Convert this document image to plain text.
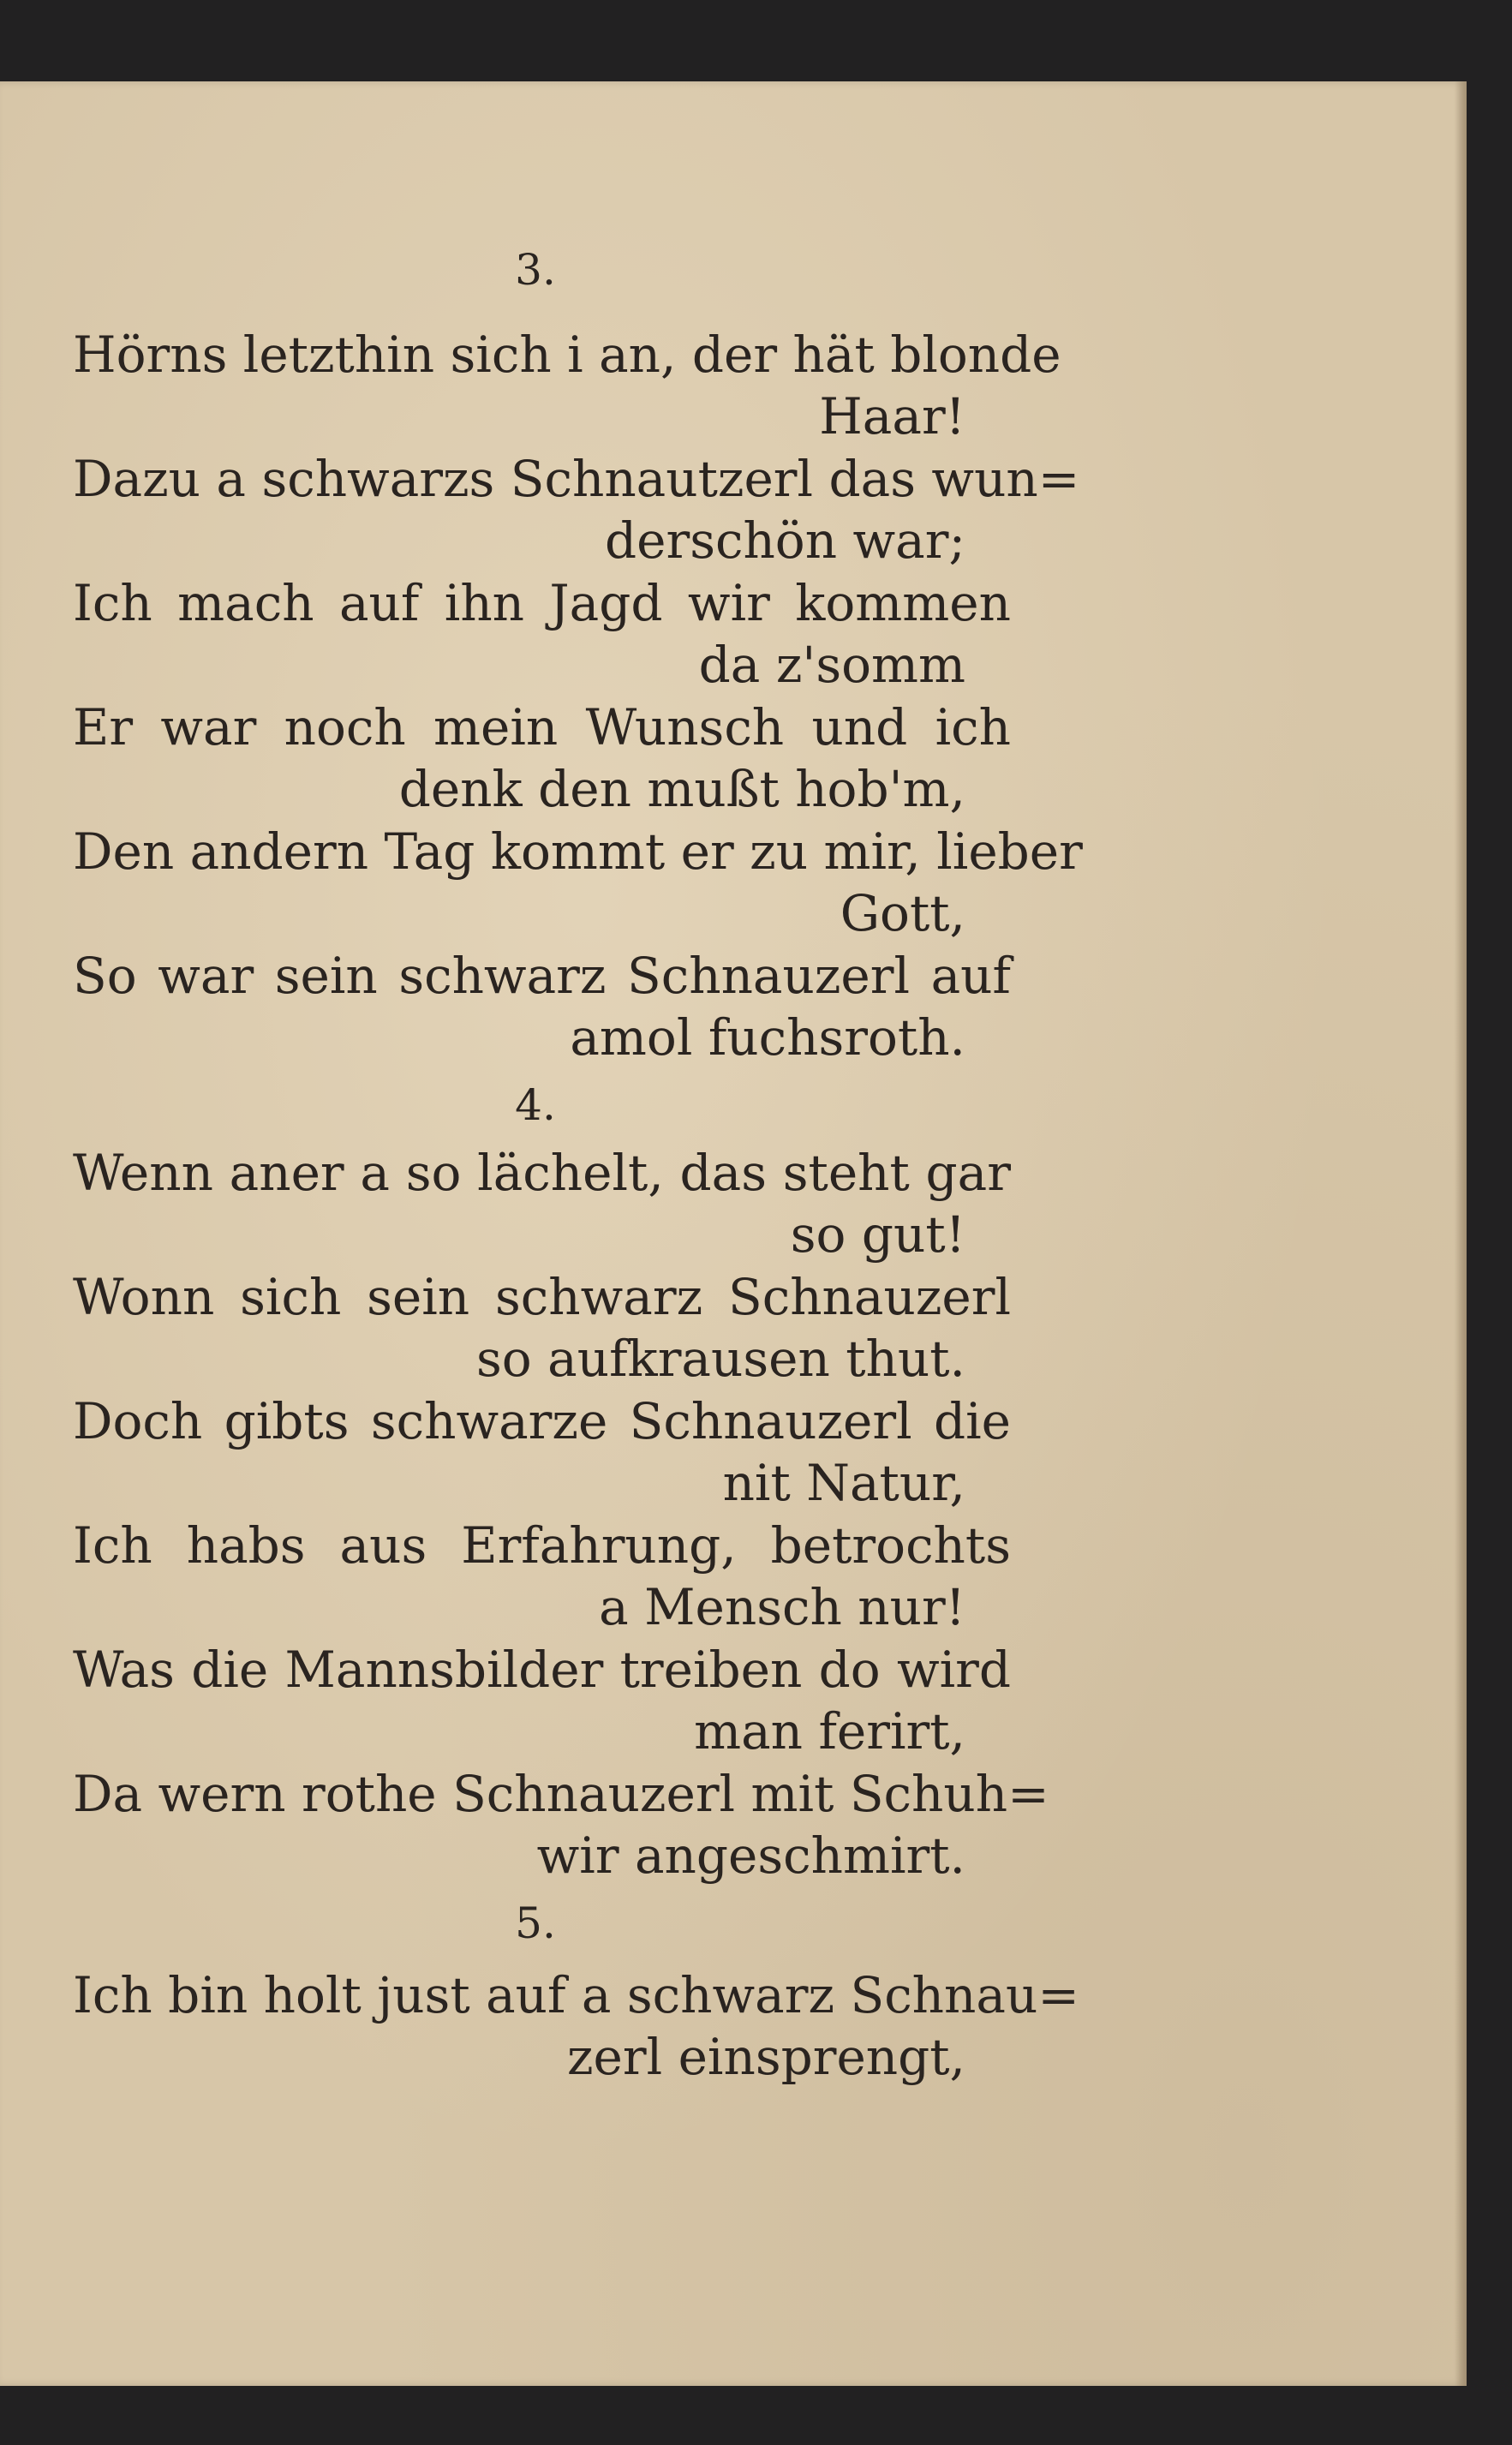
3.
Hörns letzthin sich i an, der hät blonde
Haar!
Dazu a schwarzs Schnautzerl das wun=
derschön war;
Ich mach auf ihn Jagd wir kommen
da z'somm
Er war noch mein Wunsch und ich
denk den mußt hob'm,
Den andern Tag kommt er zu mir, lieber
Gott,
So war sein schwarz Schnauzerl auf
amol fuchsroth.
4.
Wenn aner a so lächelt, das steht gar
so gut!
Wonn sich sein schwarz Schnauzerl
so aufkrausen thut.
Doch gibts schwarze Schnauzerl die
nit Natur,
Ich habs aus Erfahrung, betrochts
a Mensch nur!
Was die Mannsbilder treiben do wird
man ferirt,
Da wern rothe Schnauzerl mit Schuh=
wir angeschmirt.
5.
Ich bin holt just auf a schwarz Schnau=
zerl einsprengt,
